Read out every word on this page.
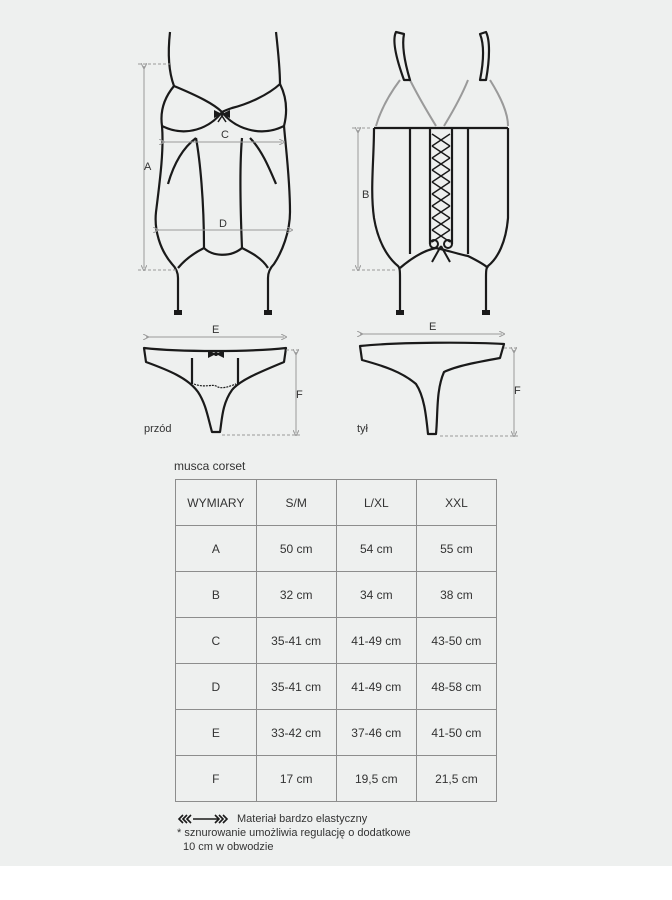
A
C
D
B
E
F
przód
E
F
tył
musca corset
WYMIARY	S/M	L/XL	XXL
A	50 cm	54 cm	55 cm
B	32 cm	34 cm	38 cm
C	35-41 cm	41-49 cm	43-50 cm
D	35-41 cm	41-49 cm	48-58 cm
E	33-42 cm	37-46 cm	41-50 cm
F	17 cm	19,5 cm	21,5 cm
Materiał bardzo elastyczny
* sznurowanie umożliwia regulację o dodatkowe
10 cm w obwodzie
